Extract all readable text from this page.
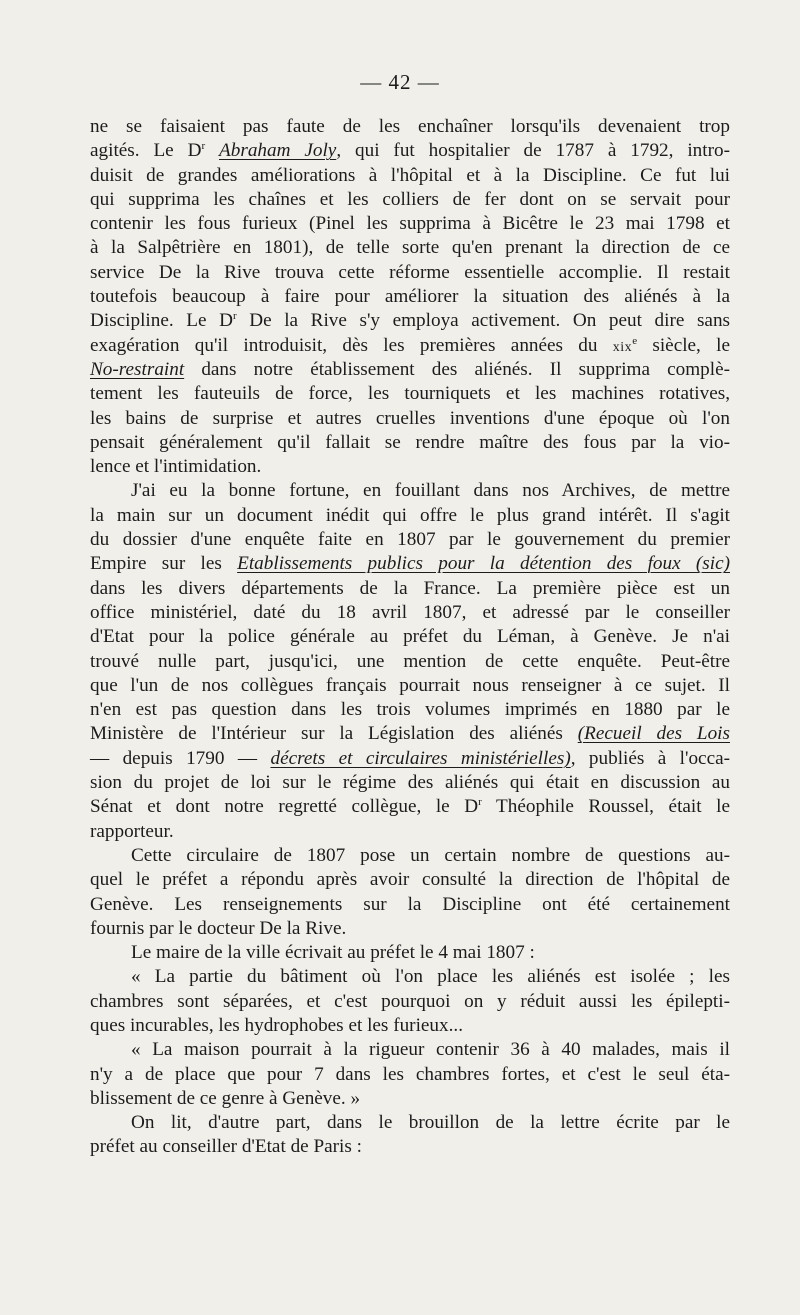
— 42 —
ne se faisaient pas faute de les enchaîner lorsqu'ils devenaient trop
agités. Le $D^r$ Abraham Joly, qui fut hospitalier de 1787 à 1792, intro-
duisit de grandes améliorations à l'hôpital et à la Discipline. Ce fut lui
qui supprima les chaînes et les colliers de fer dont on se servait pour
contenir les fous furieux (Pinel les supprima à Bicêtre le 23 mai 1798 et
à la Salpêtrière en 1801), de telle sorte qu'en prenant la direction de ce
service De la Rive trouva cette réforme essentielle accomplie. Il restait
toutefois beaucoup à faire pour améliorer la situation des aliénés à la
Discipline. Le $D^r$ De la Rive s'y employa activement. On peut dire sans
exagération qu'il introduisit, dès les premières années du xix$^e$ siècle, le
No-restraint dans notre établissement des aliénés. Il supprima complè-
tement les fauteuils de force, les tourniquets et les machines rotatives,
les bains de surprise et autres cruelles inventions d'une époque où l'on
pensait généralement qu'il fallait se rendre maître des fous par la vio-
lence et l'intimidation.
J'ai eu la bonne fortune, en fouillant dans nos Archives, de mettre
la main sur un document inédit qui offre le plus grand intérêt. Il s'agit
du dossier d'une enquête faite en 1807 par le gouvernement du premier
Empire sur les Etablissements publics pour la détention des foux (sic)
dans les divers départements de la France. La première pièce est un
office ministériel, daté du 18 avril 1807, et adressé par le conseiller
d'Etat pour la police générale au préfet du Léman, à Genève. Je n'ai
trouvé nulle part, jusqu'ici, une mention de cette enquête. Peut-être
que l'un de nos collègues français pourrait nous renseigner à ce sujet. Il
n'en est pas question dans les trois volumes imprimés en 1880 par le
Ministère de l'Intérieur sur la Législation des aliénés (Recueil des Lois
— depuis 1790 — décrets et circulaires ministérielles), publiés à l'occa-
sion du projet de loi sur le régime des aliénés qui était en discussion au
Sénat et dont notre regretté collègue, le $D^r$ Théophile Roussel, était le
rapporteur.
Cette circulaire de 1807 pose un certain nombre de questions au-
quel le préfet a répondu après avoir consulté la direction de l'hôpital de
Genève. Les renseignements sur la Discipline ont été certainement
fournis par le docteur De la Rive.
Le maire de la ville écrivait au préfet le 4 mai 1807 :
« La partie du bâtiment où l'on place les aliénés est isolée ; les
chambres sont séparées, et c'est pourquoi on y réduit aussi les épilepti-
ques incurables, les hydrophobes et les furieux...
« La maison pourrait à la rigueur contenir 36 à 40 malades, mais il
n'y a de place que pour 7 dans les chambres fortes, et c'est le seul éta-
blissement de ce genre à Genève. »
On lit, d'autre part, dans le brouillon de la lettre écrite par le
préfet au conseiller d'Etat de Paris :
